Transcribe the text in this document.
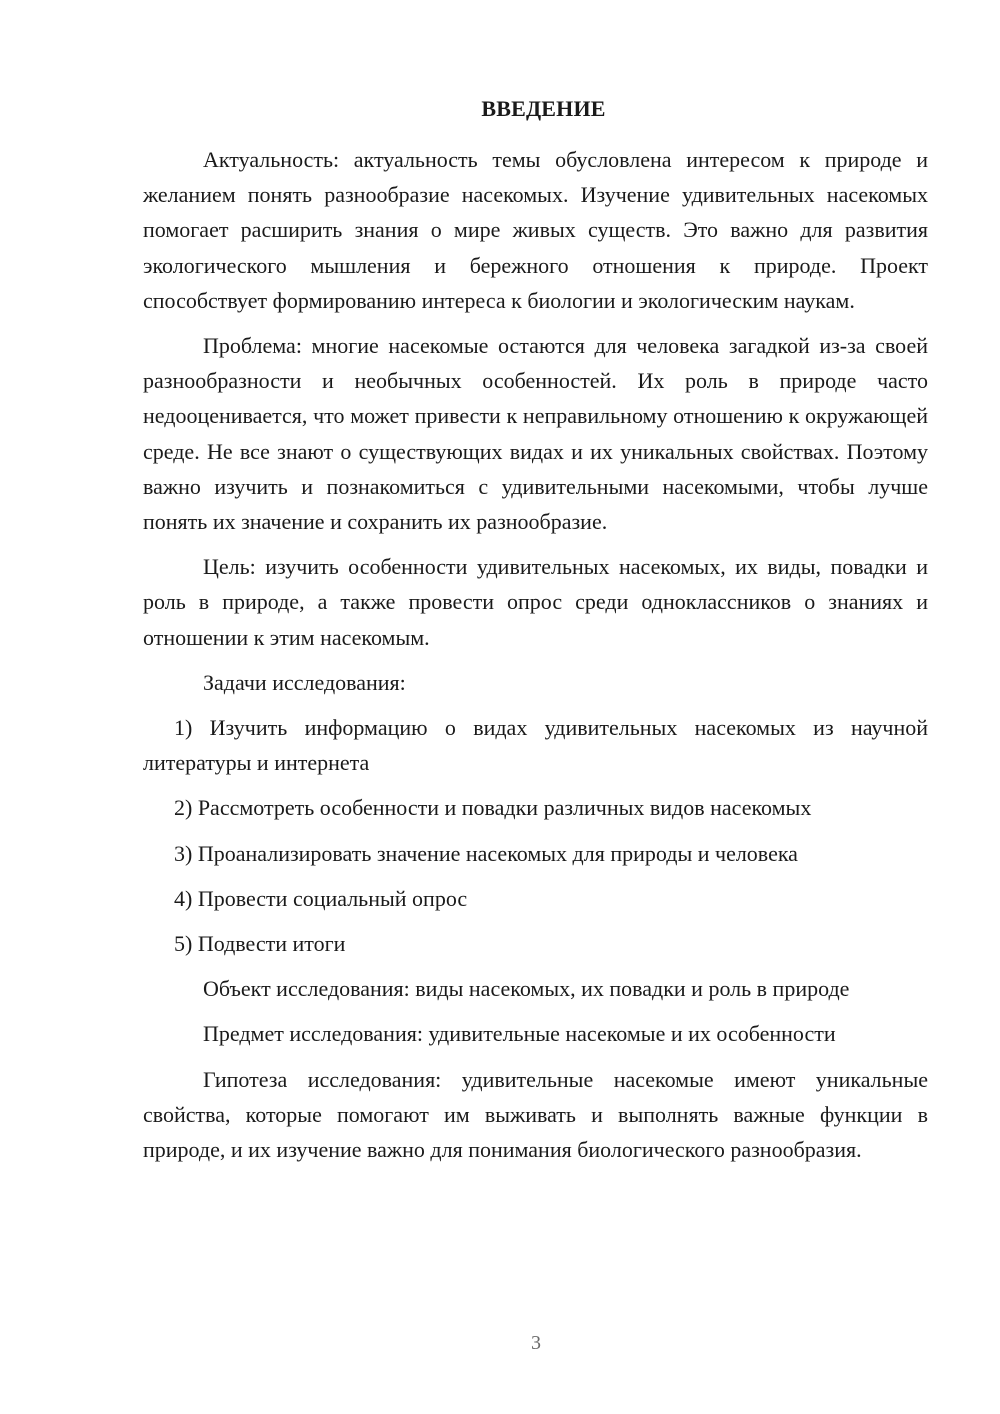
ВВЕДЕНИЕ

Актуальность: актуальность темы обусловлена интересом к природе и желанием понять разнообразие насекомых. Изучение удивительных насекомых помогает расширить знания о мире живых существ. Это важно для развития экологического мышления и бережного отношения к природе. Проект способствует формированию интереса к биологии и экологическим наукам.

Проблема: многие насекомые остаются для человека загадкой из-за своей разнообразности и необычных особенностей. Их роль в природе часто недооценивается, что может привести к неправильному отношению к окружающей среде. Не все знают о существующих видах и их уникальных свойствах. Поэтому важно изучить и познакомиться с удивительными насекомыми, чтобы лучше понять их значение и сохранить их разнообразие.

Цель: изучить особенности удивительных насекомых, их виды, повадки и роль в природе, а также провести опрос среди одноклассников о знаниях и отношении к этим насекомым.

Задачи исследования:

1) Изучить информацию о видах удивительных насекомых из научной литературы и интернета

2) Рассмотреть особенности и повадки различных видов насекомых

3) Проанализировать значение насекомых для природы и человека

4) Провести социальный опрос

5) Подвести итоги

Объект исследования: виды насекомых, их повадки и роль в природе

Предмет исследования: удивительные насекомые и их особенности

Гипотеза исследования: удивительные насекомые имеют уникальные свойства, которые помогают им выживать и выполнять важные функции в природе, и их изучение важно для понимания биологического разнообразия.

3
